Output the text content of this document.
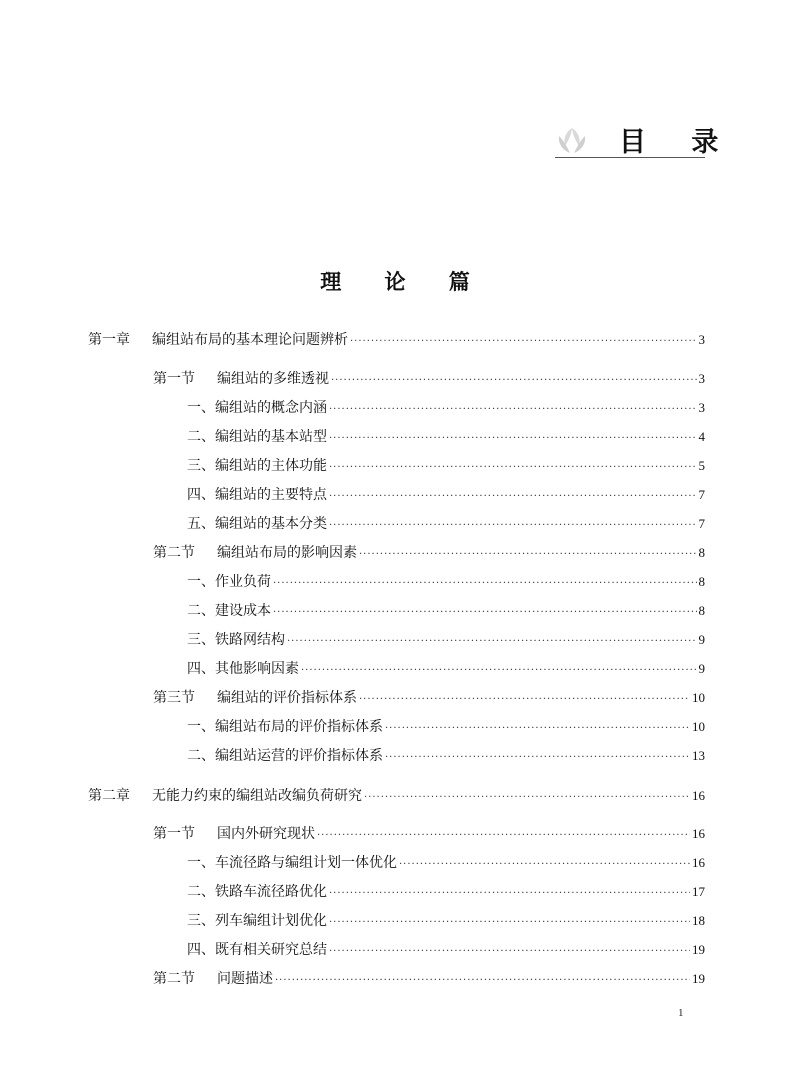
目 录
理 论 篇
第一章	编组站布局的基本理论问题辨析 ·····	3
第一节	编组站的多维透视 ·····	3
一、编组站的概念内涵 ·····	3
二、编组站的基本站型 ·····	4
三、编组站的主体功能 ·····	5
四、编组站的主要特点 ·····	7
五、编组站的基本分类 ·····	7
第二节	编组站布局的影响因素 ·····	8
一、作业负荷 ·····	8
二、建设成本 ·····	8
三、铁路网结构 ·····	9
四、其他影响因素 ·····	9
第三节	编组站的评价指标体系 ·····	10
一、编组站布局的评价指标体系 ·····	10
二、编组站运营的评价指标体系 ·····	13
第二章	无能力约束的编组站改编负荷研究 ·····	16
第一节	国内外研究现状 ·····	16
一、车流径路与编组计划一体优化 ·····	16
二、铁路车流径路优化 ·····	17
三、列车编组计划优化 ·····	18
四、既有相关研究总结 ·····	19
第二节	问题描述 ·····	19
1
